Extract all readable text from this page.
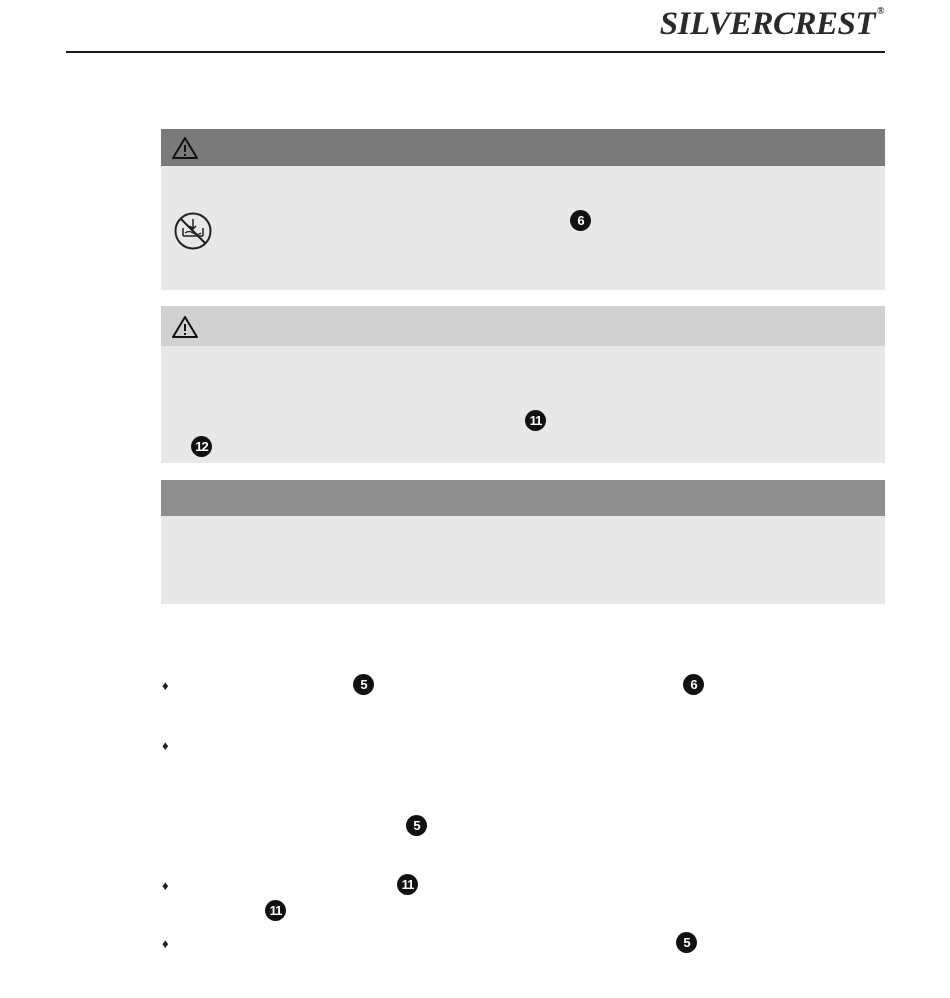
SILVERCREST ®
6
11
12
♦	5	6
♦
5
♦	11
11
♦	5
